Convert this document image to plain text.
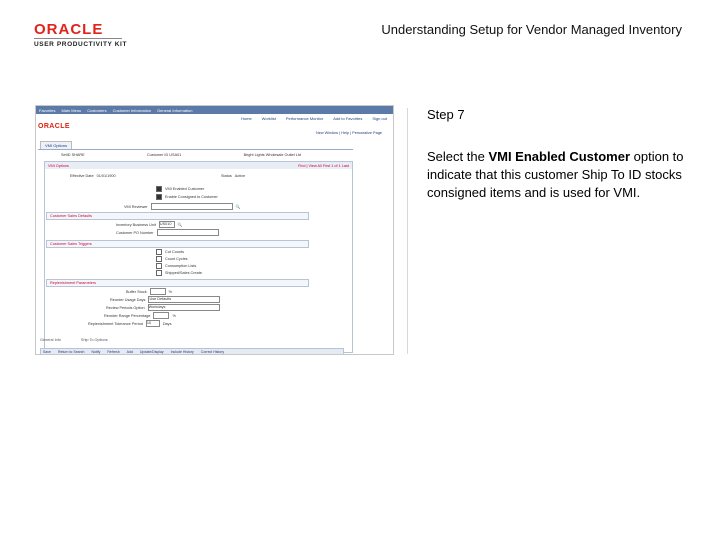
ORACLE
USER PRODUCTIVITY KIT
Understanding Setup for Vendor Managed Inventory
Favorites Main Menu Customers Customer Information General Information
Home	Worklist	Performance Monitor	Add to Favorites	Sign out
ORACLE
New Window | Help | Personalize Page
VMI Options
SetID SHARE	Customer ID USA01	Bright Lights Wholesale Outlet Ltd
VMI Options	Find | View All First 1 of 1 Last
Effective Date 01/01/1900	Status Active
VMI Enabled Customer
Enable Consigned to Customer
VMI Reviewer	🔍
Customer Sales Defaults
Inventory Business Unit US010	🔍
Customer PO Number
Customer Sales Triggers
Cut Counts
Count Cycles
Consumption Lists
Shipped/Sales Create
Replenishment Parameters
Buffer Stock	%
Reorder Usage Days Use Defaults
Review Periods Option Workdays
Reorder Range Percentage	%
Replenishment Tolerance Period 10	Days
General Info	Ship To Options
Save Return to Search Notify Refresh Add Update/Display Include History Correct History
Step 7
Select the VMI Enabled Customer option to indicate that this customer Ship To ID stocks consigned items and is used for VMI.
